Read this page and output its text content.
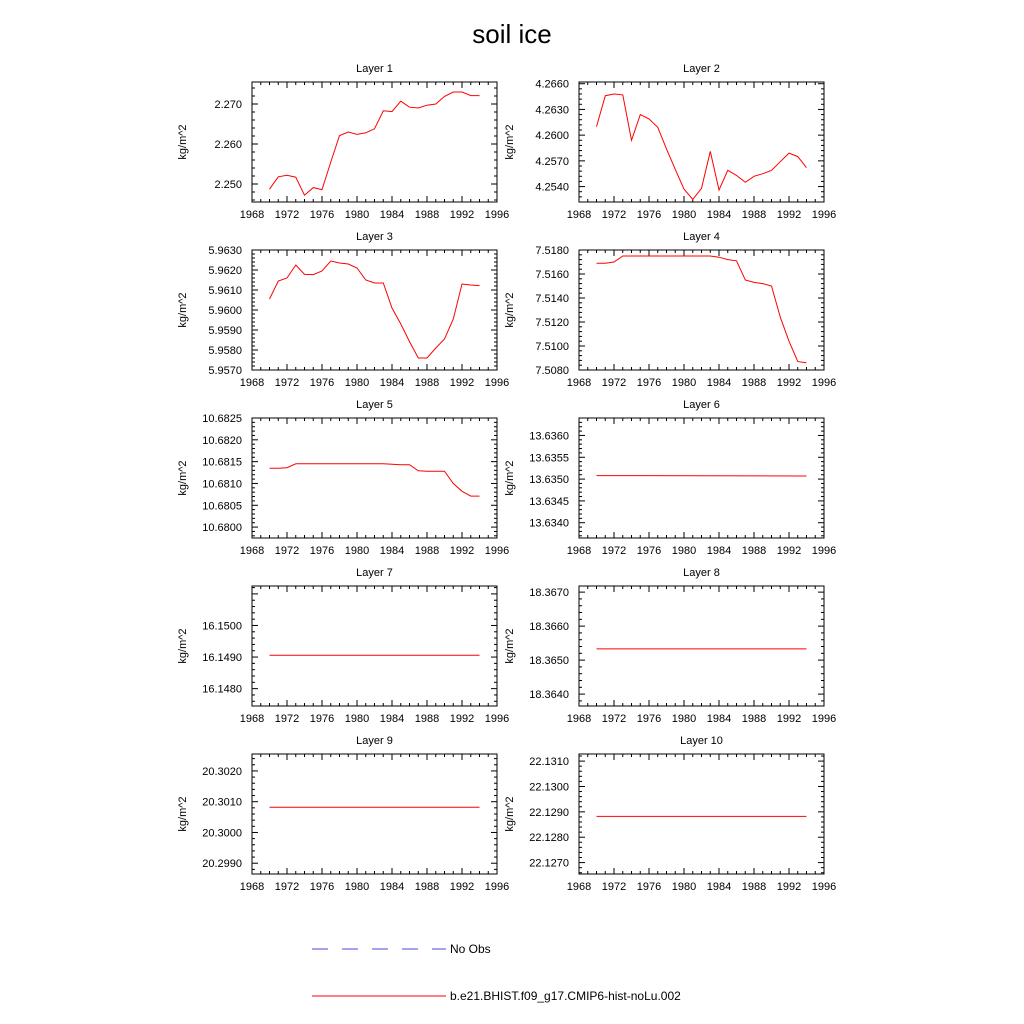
soil ice
Layer 1
1968 1972 1976 1980 1984 1988 1992 1996
2.250
2.260
2.270
kg/m^2
Layer 2
1968 1972 1976 1980 1984 1988 1992 1996
4.2540
4.2570
4.2600
4.2630
4.2660
kg/m^2
Layer 3
1968 1972 1976 1980 1984 1988 1992 1996
5.9570
5.9580
5.9590
5.9600
5.9610
5.9620
5.9630
kg/m^2
Layer 4
1968 1972 1976 1980 1984 1988 1992 1996
7.5080
7.5100
7.5120
7.5140
7.5160
7.5180
kg/m^2
Layer 5
1968 1972 1976 1980 1984 1988 1992 1996
10.6800
10.6805
10.6810
10.6815
10.6820
10.6825
kg/m^2
Layer 6
1968 1972 1976 1980 1984 1988 1992 1996
13.6340
13.6345
13.6350
13.6355
13.6360
kg/m^2
Layer 7
1968 1972 1976 1980 1984 1988 1992 1996
16.1480
16.1490
16.1500
kg/m^2
Layer 8
1968 1972 1976 1980 1984 1988 1992 1996
18.3640
18.3650
18.3660
18.3670
kg/m^2
Layer 9
1968 1972 1976 1980 1984 1988 1992 1996
20.2990
20.3000
20.3010
20.3020
kg/m^2
Layer 10
1968 1972 1976 1980 1984 1988 1992 1996
22.1270
22.1280
22.1290
22.1300
22.1310
kg/m^2
No Obs
b.e21.BHIST.f09_g17.CMIP6-hist-noLu.002
